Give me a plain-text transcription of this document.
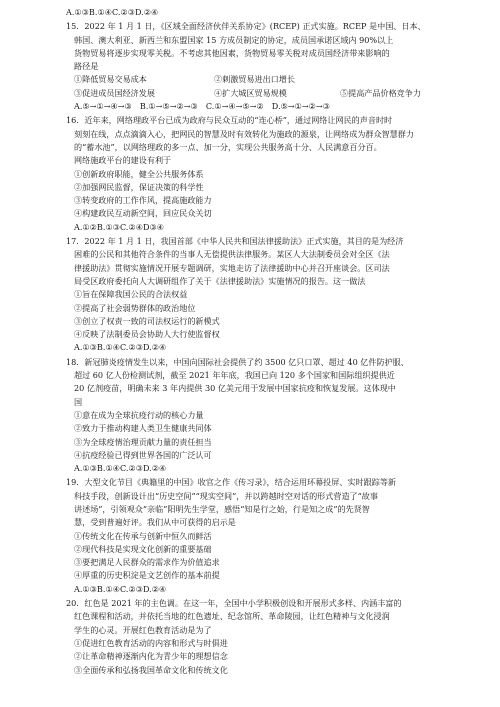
A.①③B.①④C.②③D.②④
15．2022 年 1 月 1 日，《区域全面经济伙伴关系协定》(RCEP) 正式实施。RCEP 是中国、日本、
韩国、澳大利亚、新西兰和东盟国家 15 方成员制定的协定，成员国承诺区域内 90%以上
货物贸易将逐步实现零关税。不考虑其他因素，货物贸易零关税对成员国经济带来影响的
路径是
①降低贸易交易成本	②刺激贸易进出口增长
③促进成员国经济发展	④扩大城区贸易规模	⑤提高产品价格竞争力
A.⑤→①→④→③　B.①→⑤→②→③　C.①→④→⑤→②　D.⑤→①→②→③
16．近年来，网络理政平台已成为政府与民众互动的“连心桥”，通过网络让网民的声音时时
刻刻在线，点点滴滴入心，把网民的智慧及时有效转化为施政的源泉，让网络成为群众智慧群力
的“蓄水池”，以网络理政的多一点、加一分，实现公共服务高十分、人民满意百分百。
网络施政平台的建设有利于
①创新政府职能，健全公共服务体系
②加强网民监督，保证决策的科学性
③转变政府的工作作风，提高施政能力
④构建政民互动新空间，回应民众关切
A.①②B.①③C.②④D③④
17．2022 年 1 月 1 日，我国首部《中华人民共和国法律援助法》正式实施，其目的是为经济
困难的公民和其他符合条件的当事人无偿提供法律服务。某区人大法制委员会对全区《法
律援助法》贯彻实施情况开展专题调研，实地走访了法律援助中心并召开座谈会。区司法
局受区政府委托向人大调研组作了关于《法律援助法》实施情况的报告。这一做法
①旨在保障我国公民的合法权益
②提高了社会弱势群体的政治地位
③创立了权责一致的司法权运行的新模式
④反映了法制委员会协助人大行使监督权
A.①③B.①④C.②③D.②④
18．新冠肺炎疫情发生以来，中国向国际社会提供了约 3500 亿只口罩、超过 40 亿件防护服、
超过 60 亿人份检测试剂，截至 2021 年年底，我国已向 120 多个国家和国际组织提供近
20 亿剂疫苗，明确未来 3 年内提供 30 亿美元用于发展中国家抗疫和恢复发展。这体现中
国
①意在成为全球抗疫行动的核心力量
②致力于推动构建人类卫生健康共同体
③为全球疫情治理贡献力量的责任担当
④抗疫经验已得到世界各国的广泛认可
A.①③B.①④C.②③D.②④
19．大型文化节目《典籍里的中国》收官之作《传习录》，结合运用环幕投屏、实时跟踪等新
科技手段，创新设计出“历史空间”“现实空间”，并以跨越时空对话的形式营造了“故事
讲述场”，引领观众“亲临”阳明先生学堂，感悟“知是行之始，行是知之成”的先贤智
慧，受到普遍好评。我们从中可获得的启示是
①传统文化在传承与创新中恒久而鲜活
②现代科技是实现文化创新的重要基础
③要把满足人民群众的需求作为价值追求
④厚重的历史积淀是文艺创作的基本前提
A.①③B.①④C.②③D.②④
20．红色是 2021 年的主色调。在这一年，全国中小学积极创设和开展形式多样、内涵丰富的
红色课程和活动，并依托当地的红色遗址、纪念馆所、革命陵园，让红色精神与文化浸润
学生的心灵。开展红色教育活动是为了
①促进红色教育活动的内容和形式与时俱进
②让革命精神逐渐内化为青少年的理想信念
③全面传承和弘扬我国革命文化和传统文化
